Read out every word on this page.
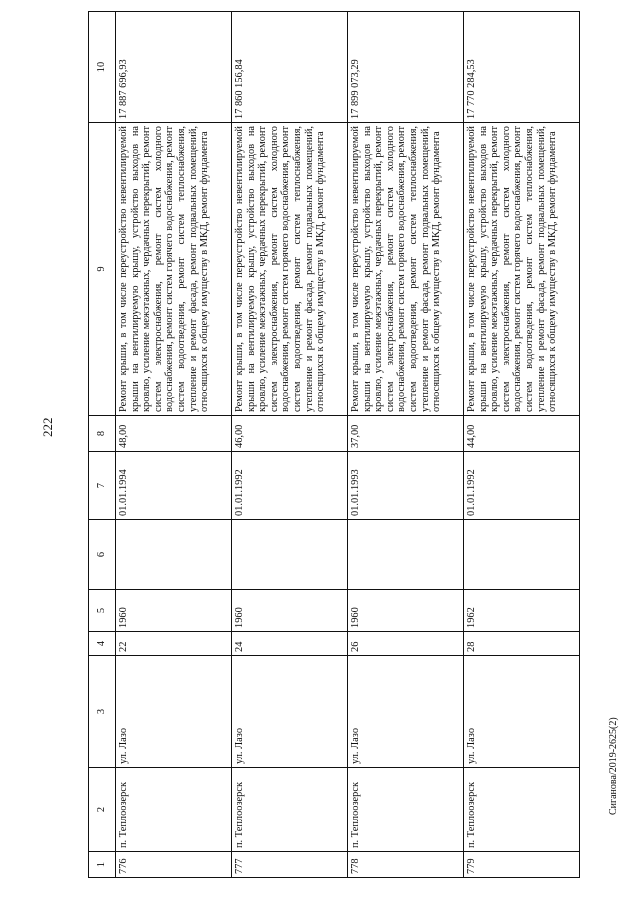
222
1	2	3	4	5	6	7	8	9	10
776	п. Теплоозерск	ул. Лазо	22	1960		01.01.1994	48,00	Ремонт крыши, в том числе переустройство невентилируемой крыши на вентилируемую крышу, устройство выходов на кровлю, усиление межэтажных, чердачных перекрытий, ремонт систем электроснабжения, ремонт систем холодного водоснабжения, ремонт систем горячего водоснабжения, ремонт систем водоотведения, ремонт систем теплоснабжения, утепление и ремонт фасада, ремонт подвальных помещений, относящихся к общему имуществу в МКД, ремонт фундамента	17 887 696,93
777	п. Теплоозерск	ул. Лазо	24	1960		01.01.1992	46,00	Ремонт крыши, в том числе переустройство невентилируемой крыши на вентилируемую крышу, устройство выходов на кровлю, усиление межэтажных, чердачных перекрытий, ремонт систем электроснабжения, ремонт систем холодного водоснабжения, ремонт систем горячего водоснабжения, ремонт систем водоотведения, ремонт систем теплоснабжения, утепление и ремонт фасада, ремонт подвальных помещений, относящихся к общему имуществу в МКД, ремонт фундамента	17 860 156,84
778	п. Теплоозерск	ул. Лазо	26	1960		01.01.1993	37,00	Ремонт крыши, в том числе переустройство невентилируемой крыши на вентилируемую крышу, устройство выходов на кровлю, усиление межэтажных, чердачных перекрытий, ремонт систем электроснабжения, ремонт систем холодного водоснабжения, ремонт систем горячего водоснабжения, ремонт систем водоотведения, ремонт систем теплоснабжения, утепление и ремонт фасада, ремонт подвальных помещений, относящихся к общему имуществу в МКД, ремонт фундамента	17 899 073,29
779	п. Теплоозерск	ул. Лазо	28	1962		01.01.1992	44,00	Ремонт крыши, в том числе переустройство невентилируемой крыши на вентилируемую крышу, устройство выходов на кровлю, усиление межэтажных, чердачных перекрытий, ремонт систем электроснабжения, ремонт систем холодного водоснабжения, ремонт систем горячего водоснабжения, ремонт систем водоотведения, ремонт систем теплоснабжения, утепление и ремонт фасада, ремонт подвальных помещений, относящихся к общему имуществу в МКД, ремонт фундамента	17 770 284,53
Сиганова/2019-2625(2)
